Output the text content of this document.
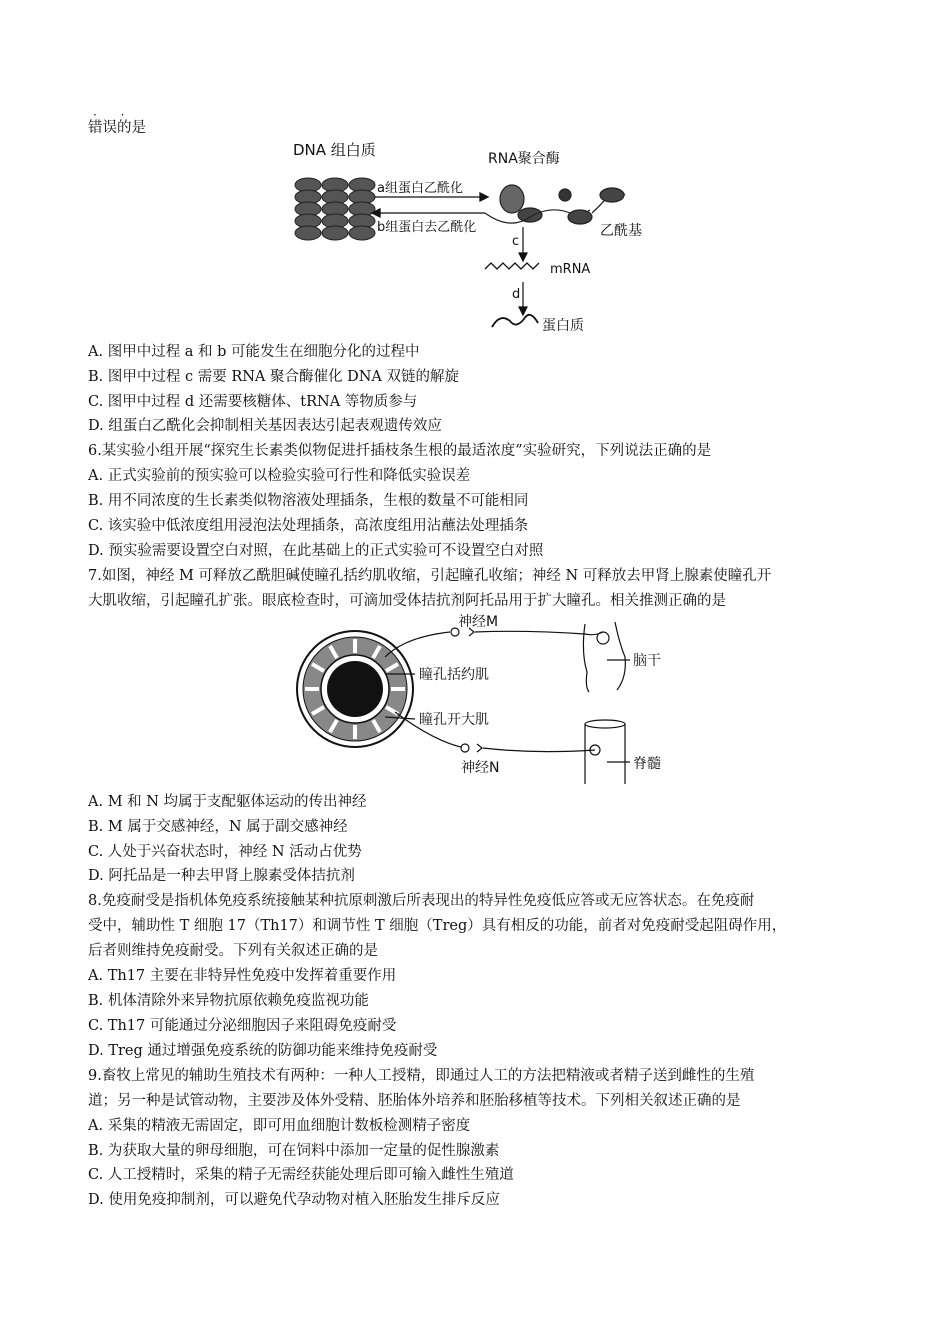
· ·
错误的是
DNA 组白质	RNA聚合酶
a组蛋白乙酰化
b组蛋白去乙酰化	乙酰基
c
mRNA
d
蛋白质
A. 图甲中过程 a 和 b 可能发生在细胞分化的过程中
B. 图甲中过程 c 需要 RNA 聚合酶催化 DNA 双链的解旋
C. 图甲中过程 d 还需要核糖体、tRNA 等物质参与
D. 组蛋白乙酰化会抑制相关基因表达引起表观遗传效应
6.某实验小组开展“探究生长素类似物促进扦插枝条生根的最适浓度”实验研究，下列说法正确的是
A. 正式实验前的预实验可以检验实验可行性和降低实验误差
B. 用不同浓度的生长素类似物溶液处理插条，生根的数量不可能相同
C. 该实验中低浓度组用浸泡法处理插条，高浓度组用沾蘸法处理插条
D. 预实验需要设置空白对照，在此基础上的正式实验可不设置空白对照
7.如图，神经 M 可释放乙酰胆碱使瞳孔括约肌收缩，引起瞳孔收缩；神经 N 可释放去甲肾上腺素使瞳孔开
大肌收缩，引起瞳孔扩张。眼底检查时，可滴加受体拮抗剂阿托品用于扩大瞳孔。相关推测正确的是
神经M
瞳孔括约肌
瞳孔开大肌
神经N
脑干
脊髓
A. M 和 N 均属于支配躯体运动的传出神经
B. M 属于交感神经，N 属于副交感神经
C. 人处于兴奋状态时，神经 N 活动占优势
D. 阿托品是一种去甲肾上腺素受体拮抗剂
8.免疫耐受是指机体免疫系统接触某种抗原刺激后所表现出的特异性免疫低应答或无应答状态。在免疫耐
受中，辅助性 T 细胞 17（Th17）和调节性 T 细胞（Treg）具有相反的功能，前者对免疫耐受起阻碍作用，
后者则维持免疫耐受。下列有关叙述正确的是
A. Th17 主要在非特异性免疫中发挥着重要作用
B. 机体清除外来异物抗原依赖免疫监视功能
C. Th17 可能通过分泌细胞因子来阻碍免疫耐受
D. Treg 通过增强免疫系统的防御功能来维持免疫耐受
9.畜牧上常见的辅助生殖技术有两种：一种人工授精，即通过人工的方法把精液或者精子送到雌性的生殖
道；另一种是试管动物，主要涉及体外受精、胚胎体外培养和胚胎移植等技术。下列相关叙述正确的是
A. 采集的精液无需固定，即可用血细胞计数板检测精子密度
B. 为获取大量的卵母细胞，可在饲料中添加一定量的促性腺激素
C. 人工授精时，采集的精子无需经获能处理后即可输入雌性生殖道
D. 使用免疫抑制剂，可以避免代孕动物对植入胚胎发生排斥反应
